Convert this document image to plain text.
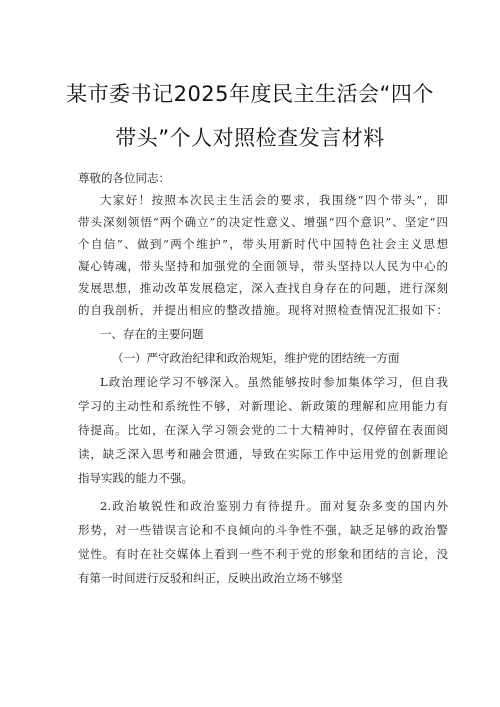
某市委书记2025年度民主生活会“四个
带头”个人对照检查发言材料
尊敬的各位同志：
大家好！按照本次民主生活会的要求，我围绕“四个带头”，即
带头深刻领悟“两个确立”的决定性意义、增强“四个意识”、坚定“四
个自信”、做到“两个维护”，带头用新时代中国特色社会主义思想
凝心铸魂，带头坚持和加强党的全面领导，带头坚持以人民为中心的
发展思想，推动改革发展稳定，深入查找自身存在的问题，进行深刻
的自我剖析，并提出相应的整改措施。现将对照检查情况汇报如下：
一、存在的主要问题
（一）严守政治纪律和政治规矩，维护党的团结统一方面
L政治理论学习不够深入。虽然能够按时参加集体学习，但自我
学习的主动性和系统性不够，对新理论、新政策的理解和应用能力有
待提高。比如，在深入学习领会党的二十大精神时，仅停留在表面阅
读，缺乏深入思考和融会贯通，导致在实际工作中运用党的创新理论
指导实践的能力不强。
2.政治敏锐性和政治鉴别力有待提升。面对复杂多变的国内外
形势，对一些错误言论和不良倾向的斗争性不强，缺乏足够的政治警
觉性。有时在社交媒体上看到一些不利于党的形象和团结的言论，没
有第一时间进行反驳和纠正，反映出政治立场不够坚
